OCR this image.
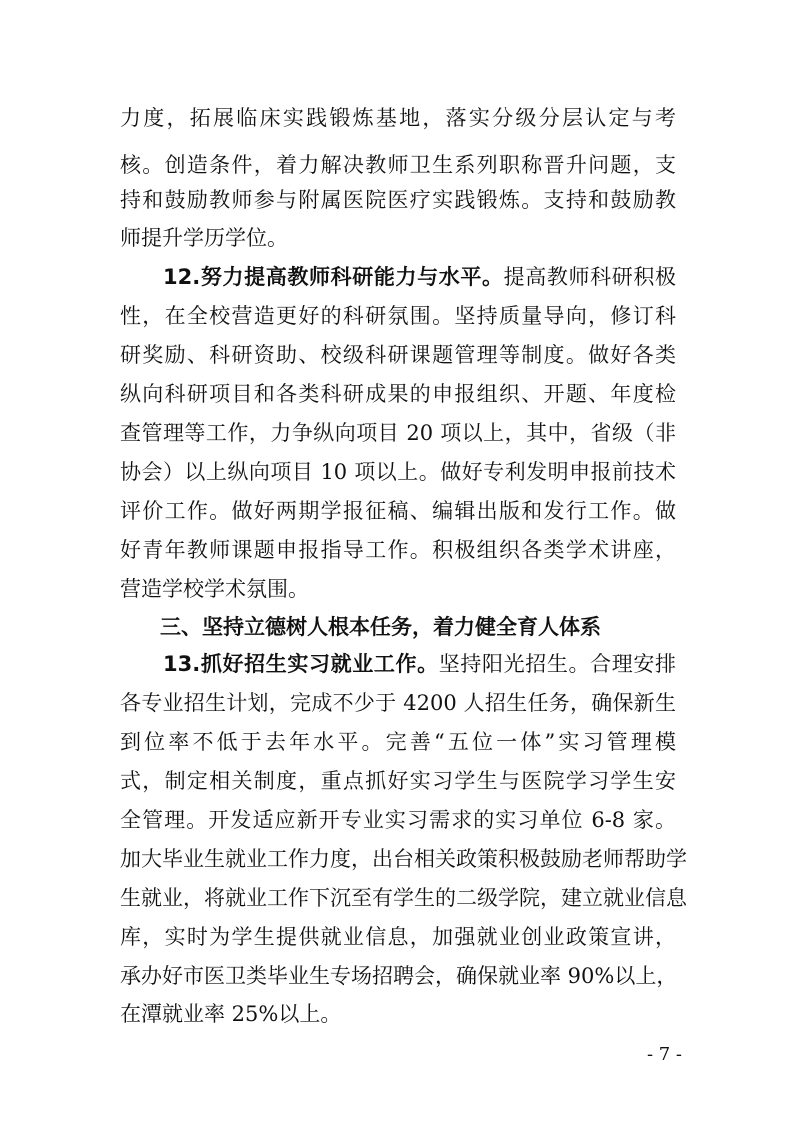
力度，拓展临床实践锻炼基地，落实分级分层认定与考
核。创造条件，着力解决教师卫生系列职称晋升问题，支
持和鼓励教师参与附属医院医疗实践锻炼。支持和鼓励教
师提升学历学位。
12.努力提高教师科研能力与水平。提高教师科研积极
性，在全校营造更好的科研氛围。坚持质量导向，修订科
研奖励、科研资助、校级科研课题管理等制度。做好各类
纵向科研项目和各类科研成果的申报组织、开题、年度检
查管理等工作，力争纵向项目 20 项以上，其中，省级（非
协会）以上纵向项目 10 项以上。做好专利发明申报前技术
评价工作。做好两期学报征稿、编辑出版和发行工作。做
好青年教师课题申报指导工作。积极组织各类学术讲座，
营造学校学术氛围。
三、坚持立德树人根本任务，着力健全育人体系
13.抓好招生实习就业工作。坚持阳光招生。合理安排
各专业招生计划，完成不少于 4200 人招生任务，确保新生
到位率不低于去年水平。完善“五位一体”实习管理模
式，制定相关制度，重点抓好实习学生与医院学习学生安
全管理。开发适应新开专业实习需求的实习单位 6-8 家。
加大毕业生就业工作力度，出台相关政策积极鼓励老师帮助学
生就业，将就业工作下沉至有学生的二级学院，建立就业信息
库，实时为学生提供就业信息，加强就业创业政策宣讲，
承办好市医卫类毕业生专场招聘会，确保就业率 90%以上，
在潭就业率 25%以上。
- 7 -
